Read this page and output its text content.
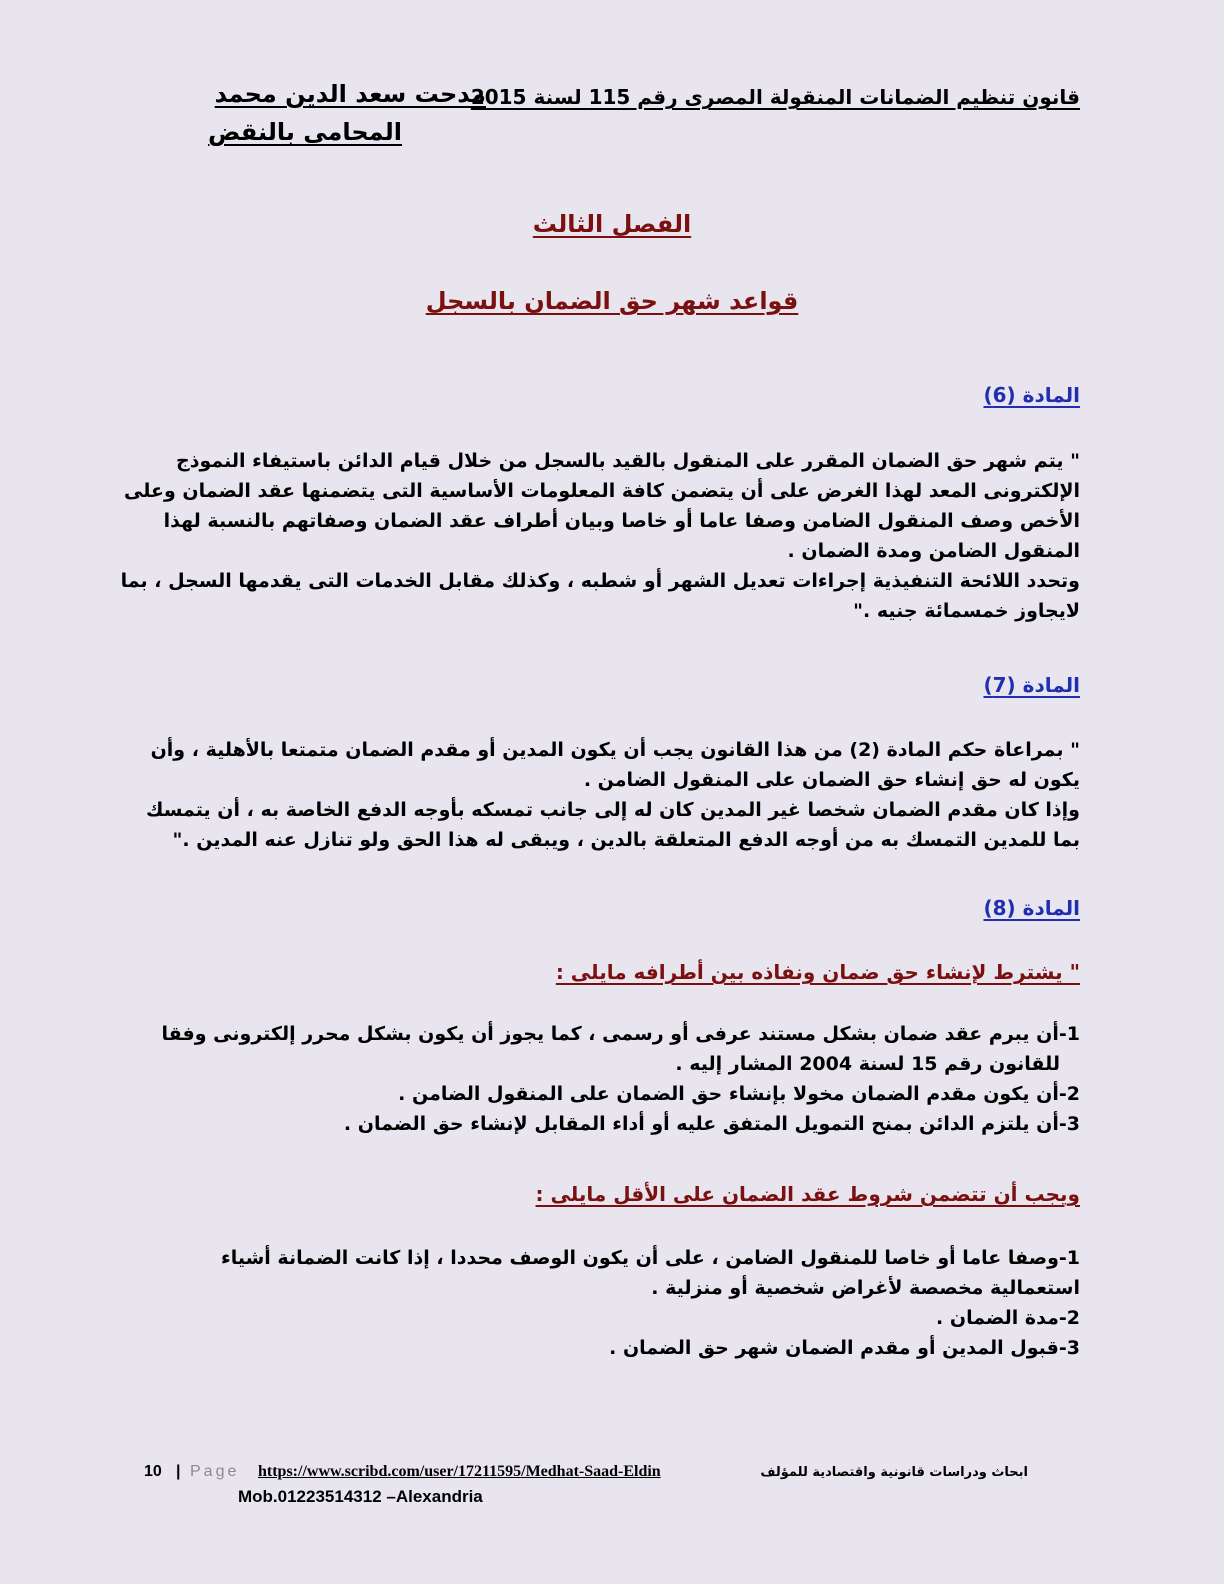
قانون تنظيم الضمانات المنقولة المصرى رقم 115 لسنة 2015
مدحت سعد الدين محمد
المحامى بالنقض
الفصل الثالث
قواعد شهر حق الضمان بالسجل
المادة (6)
" يتم شهر حق الضمان المقرر على المنقول بالقيد بالسجل من خلال قيام الدائن باستيفاء النموذج
الإلكترونى المعد لهذا الغرض على أن يتضمن كافة المعلومات الأساسية التى يتضمنها عقد الضمان وعلى
الأخص وصف المنقول الضامن وصفا عاما أو خاصا وبيان أطراف عقد الضمان وصفاتهم بالنسبة لهذا
المنقول الضامن ومدة الضمان .
وتحدد اللائحة التنفيذية إجراءات تعديل الشهر أو شطبه ، وكذلك مقابل الخدمات التى يقدمها السجل ، بما
لايجاوز خمسمائة جنيه ."
المادة (7)
" بمراعاة حكم المادة (2) من هذا القانون يجب أن يكون المدين أو مقدم الضمان متمتعا بالأهلية ، وأن
يكون له حق إنشاء حق الضمان على المنقول الضامن .
وإذا كان مقدم الضمان شخصا غير المدين كان له إلى جانب تمسكه بأوجه الدفع الخاصة به ، أن يتمسك
بما للمدين التمسك به من أوجه الدفع المتعلقة بالدين ، ويبقى له هذا الحق ولو تنازل عنه المدين ."
المادة (8)
" يشترط لإنشاء حق ضمان ونفاذه بين أطرافه مايلى :
1-أن يبرم عقد ضمان بشكل مستند عرفى أو رسمى ، كما يجوز أن يكون بشكل محرر إلكترونى وفقا
للقانون رقم 15 لسنة 2004 المشار إليه .
2-أن يكون مقدم الضمان مخولا بإنشاء حق الضمان على المنقول الضامن .
3-أن يلتزم الدائن بمنح التمويل المتفق عليه أو أداء المقابل لإنشاء حق الضمان .
ويجب أن تتضمن شروط عقد الضمان على الأقل مايلى :
1-وصفا عاما أو خاصا للمنقول الضامن ، على أن يكون الوصف محددا ، إذا كانت الضمانة أشياء
استعمالية مخصصة لأغراض شخصية أو منزلية .
2-مدة الضمان .
3-قبول المدين أو مقدم الضمان شهر حق الضمان .
10 | Page https://www.scribd.com/user/17211595/Medhat-Saad-Eldin	ابحاث ودراسات قانونية واقتصادية للمؤلف
Mob.01223514312 –Alexandria
